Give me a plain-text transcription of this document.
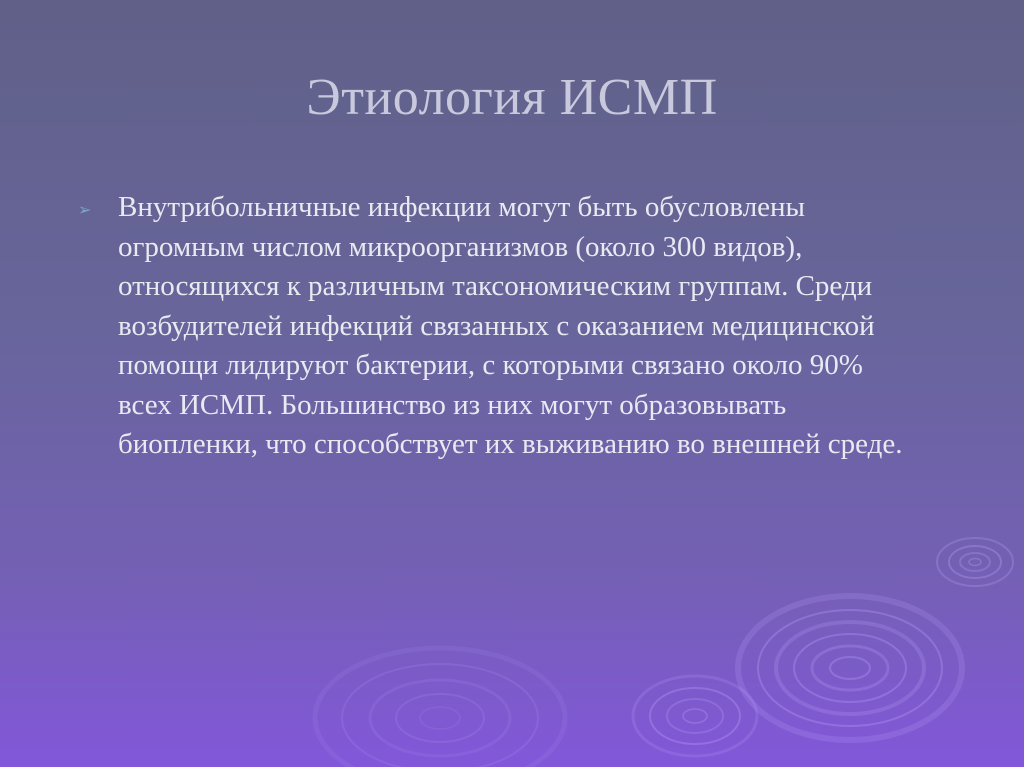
Этиология ИСМП
➢ Внутрибольничные инфекции могут быть обусловлены огромным числом микроорганизмов (около 300 видов), относящихся к различным таксономическим группам. Среди возбудителей инфекций связанных с оказанием медицинской помощи лидируют бактерии, с которыми связано около 90% всех ИСМП. Большинство из них могут образовывать биопленки, что способствует их выживанию во внешней среде.
